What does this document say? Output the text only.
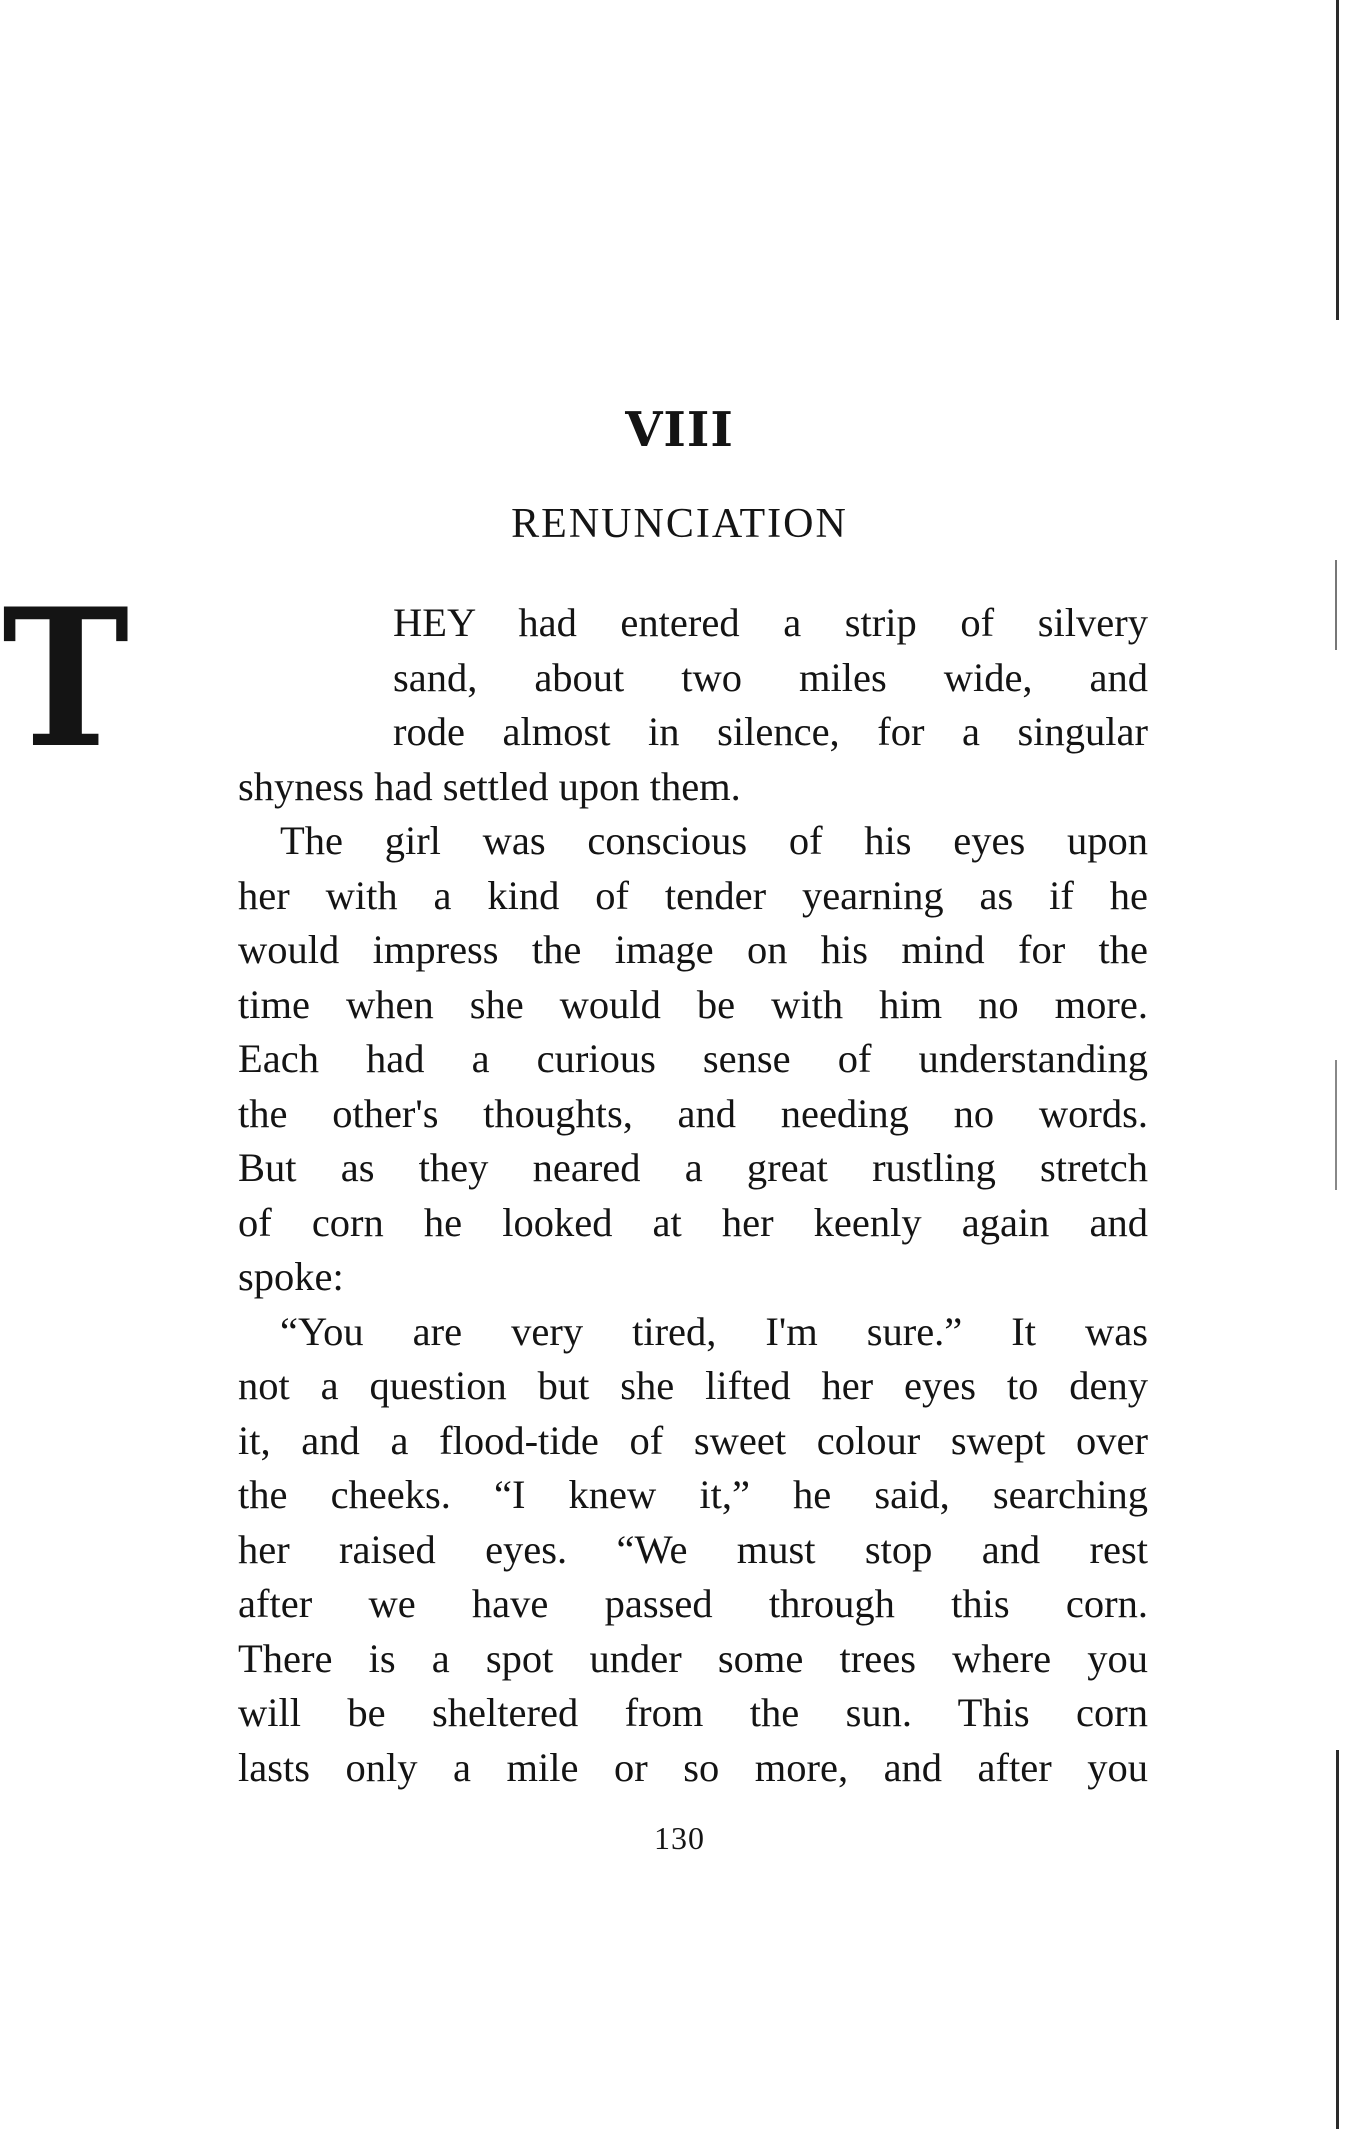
VIII
RENUNCIATION
T	HEY had entered a strip of silvery
sand, about two miles wide, and
rode almost in silence, for a singular
shyness had settled upon them.
The girl was conscious of his eyes upon
her with a kind of tender yearning as if he
would impress the image on his mind for the
time when she would be with him no more.
Each had a curious sense of understanding
the other's thoughts, and needing no words.
But as they neared a great rustling stretch
of corn he looked at her keenly again and
spoke:
“You are very tired, I'm sure.” It was
not a question but she lifted her eyes to deny
it, and a flood-tide of sweet colour swept over
the cheeks. “I knew it,” he said, searching
her raised eyes. “We must stop and rest
after we have passed through this corn.
There is a spot under some trees where you
will be sheltered from the sun. This corn
lasts only a mile or so more, and after you
130
